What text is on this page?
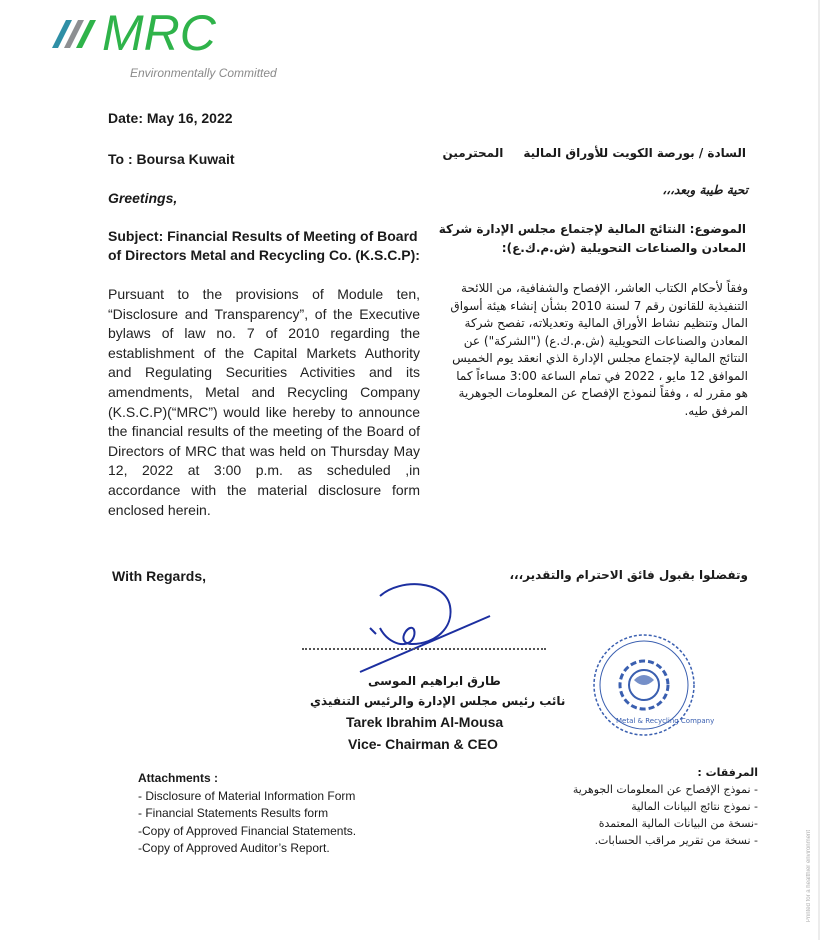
MRC
Environmentally Committed
Date: May 16, 2022
To : Boursa Kuwait
Greetings,
Subject: Financial Results of Meeting of Board of Directors Metal and Recycling Co. (K.S.C.P):
Pursuant to the provisions of Module ten, “Disclosure and Transparency”, of the Executive bylaws of law no. 7 of 2010 regarding the establishment of the Capital Markets Authority and Regulating Securities Activities and its amendments, Metal and Recycling Company (K.S.C.P)(“MRC”) would like hereby to announce the financial results of the meeting of the Board of Directors of MRC that was held on Thursday May 12, 2022 at 3:00 p.m. as scheduled ,in accordance with the material disclosure form enclosed herein.
With Regards,
السادة / بورصة الكويت للأوراق الماليةالمحترمين
تحية طيبة وبعد،،،
الموضوع: النتائج المالية لإجتماع مجلس الإدارة شركة المعادن والصناعات التحويلية (ش.م.ك.ع):
وفقاً لأحكام الكتاب العاشر، الإفصاح والشفافية، من اللائحة التنفيذية للقانون رقم 7 لسنة 2010 بشأن إنشاء هيئة أسواق المال وتنظيم نشاط الأوراق المالية وتعديلاته، تفصح شركة المعادن والصناعات التحويلية (ش.م.ك.ع) ("الشركة") عن النتائج المالية لإجتماع مجلس الإدارة الذي انعقد يوم الخميس الموافق 12 مايو ، 2022 في تمام الساعة 3:00 مساءاً كما هو مقرر له ، وفقاً لنموذج الإفصاح عن المعلومات الجوهرية المرفق طيه.
وتفضلوا بقبول فائق الاحترام والتقدير،،،
طارق ابراهيم الموسى
نائب رئيس مجلس الإدارة والرئيس التنفيذي
Tarek Ibrahim Al-Mousa
Vice- Chairman & CEO
Metal & Recycling Company
Attachments :
- Disclosure of Material Information Form
- Financial Statements Results form
-Copy of Approved Financial Statements.
-Copy of Approved Auditor’s Report.
المرفقات :
- نموذج الإفصاح عن المعلومات الجوهرية
- نموذج نتائج البيانات المالية
-نسخة من البيانات المالية المعتمدة
- نسخة من تقرير مراقب الحسابات.	Printed for a healthier environment
